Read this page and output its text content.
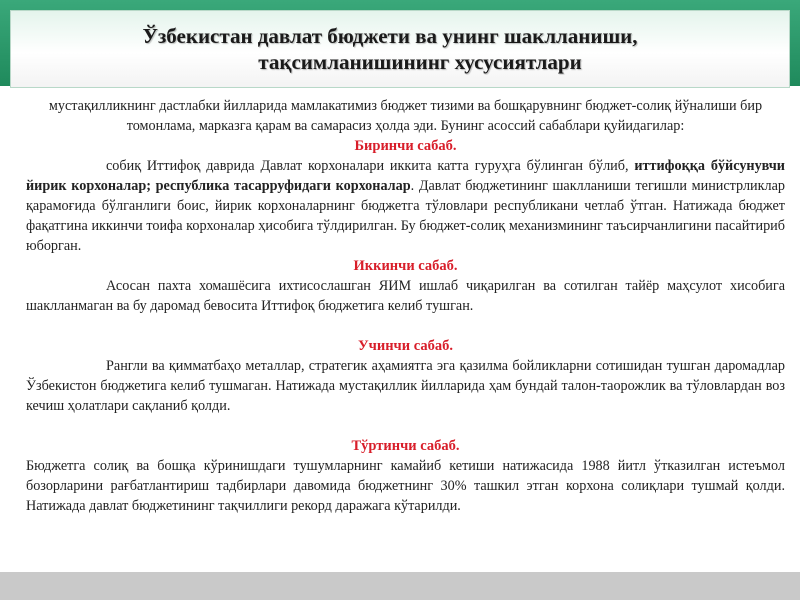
Ўзбекистан давлат бюджети ва унинг шаклланиши,
тақсимланишининг хусусиятлари

мустақилликнинг дастлабки йилларида мамлакатимиз бюджет тизими ва бошқарувнинг бюджет-солиқ йўналиши бир томонлама, марказга қарам ва самарасиз ҳолда эди. Бунинг асоссий сабаблари қуйидагилар:

Биринчи сабаб.

собиқ Иттифоқ даврида Давлат корхоналари иккита катта гуруҳга бўлинган бўлиб, иттифоққа бўйсунувчи йирик корхоналар; республика тасарруфидаги корхоналар. Давлат бюджетининг шаклланиши тегишли министрликлар қарамоғида бўлганлиги боис, йирик корхоналарнинг бюджетга тўловлари республикани четлаб ўтган. Натижада бюджет фақатгина иккинчи тоифа корхоналар ҳисобига тўлдирилган. Бу бюджет-солиқ механизмининг таъсирчанлигини пасайтириб юборган.

Иккинчи сабаб.

Асосан пахта хомашёсига ихтисослашган ЯИМ ишлаб чиқарилган ва сотилган тайёр маҳсулот хисобига шаклланмаган ва бу даромад бевосита Иттифоқ бюджетига келиб тушган.

Учинчи сабаб.

Рангли ва қимматбаҳо металлар, стратегик аҳамиятга эга қазилма бойликларни сотишидан тушган даромадлар Ўзбекистон бюджетига келиб тушмаган. Натижада мустақиллик йилларида ҳам бундай талон-таорожлик ва тўловлардан воз кечиш ҳолатлари сақланиб қолди.

Тўртинчи сабаб.

Бюджетга солиқ ва бошқа кўринишдаги тушумларнинг камайиб кетиши натижасида 1988 йитл ўтказилган истеъмол бозорларини рағбатлантириш тадбирлари давомида бюджетнинг 30% ташкил этган корхона солиқлари тушмай қолди. Натижада давлат бюджетининг тақчиллиги рекорд даражага кўтарилди.
